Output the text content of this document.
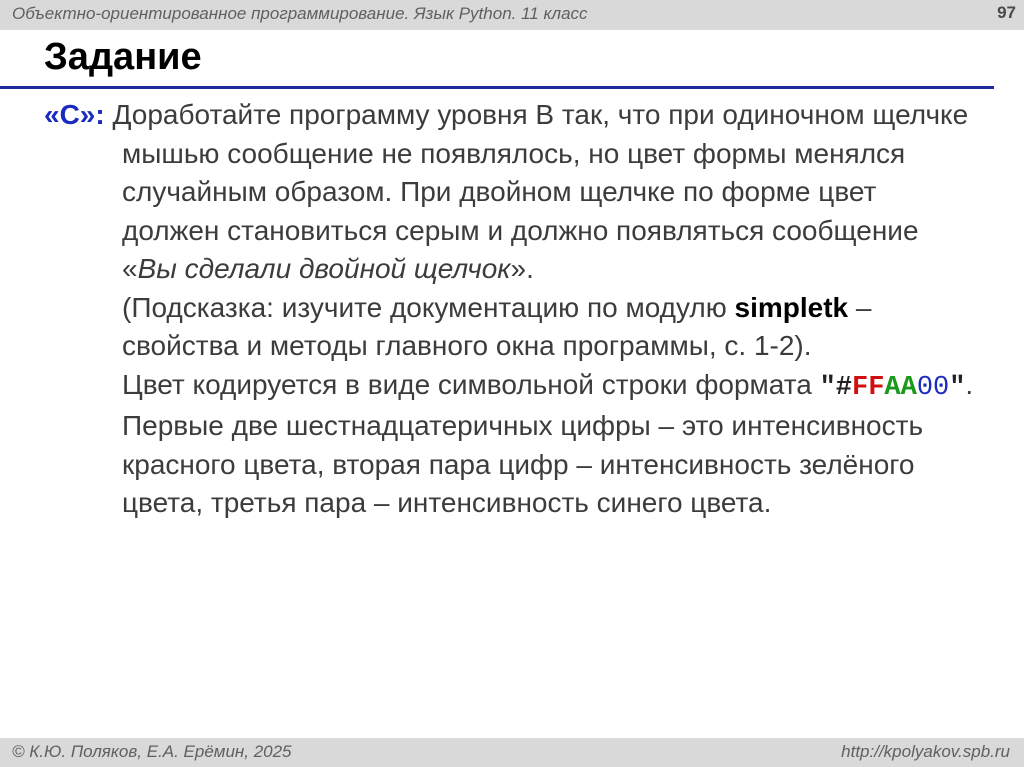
Объектно-ориентированное программирование. Язык Python. 11 класс	97
Задание
«C»: Доработайте программу уровня B так, что при одиночном щелчке мышью сообщение не появлялось, но цвет формы менялся случайным образом. При двойном щелчке по форме цвет должен становиться серым и должно появляться сообщение «Вы сделали двойной щелчок».
(Подсказка: изучите документацию по модулю simpletk – свойства и методы главного окна программы, с. 1-2).
Цвет кодируется в виде символьной строки формата "#FFAA00". Первые две шестнадцатеричных цифры – это интенсивность красного цвета, вторая пара цифр – интенсивность зелёного цвета, третья пара – интенсивность синего цвета.
© К.Ю. Поляков, Е.А. Ерёмин, 2025	http://kpolyakov.spb.ru
